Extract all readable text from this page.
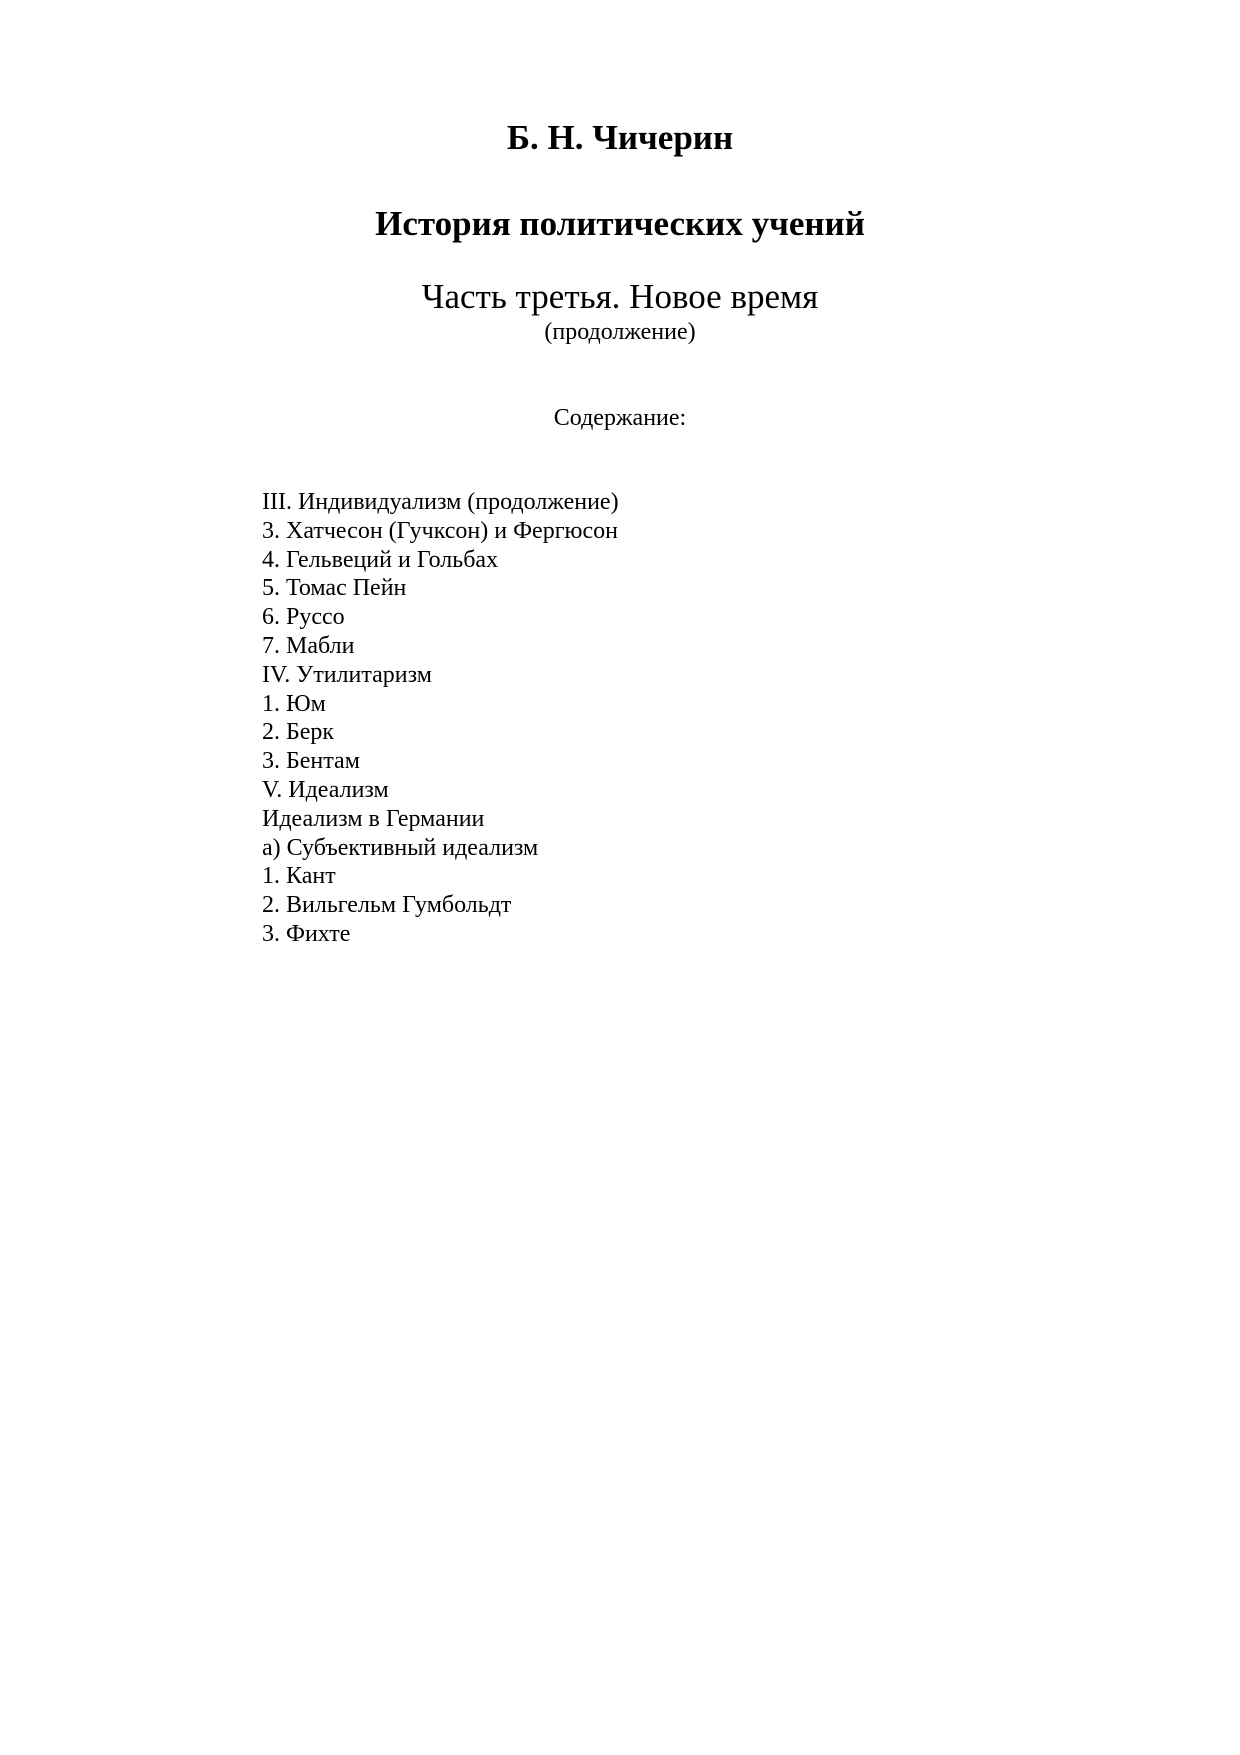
Б. Н. Чичерин
История политических учений
Часть третья. Новое время
(продолжение)
Содержание:
III. Индивидуализм (продолжение)
3. Хатчесон (Гучксон) и Фергюсон
4. Гельвеций и Гольбах
5. Томас Пейн
6. Руссо
7. Мабли
IV. Утилитаризм
1. Юм
2. Берк
3. Бентам
V. Идеализм
Идеализм в Германии
а) Субъективный идеализм
1. Кант
2. Вильгельм Гумбольдт
3. Фихте
